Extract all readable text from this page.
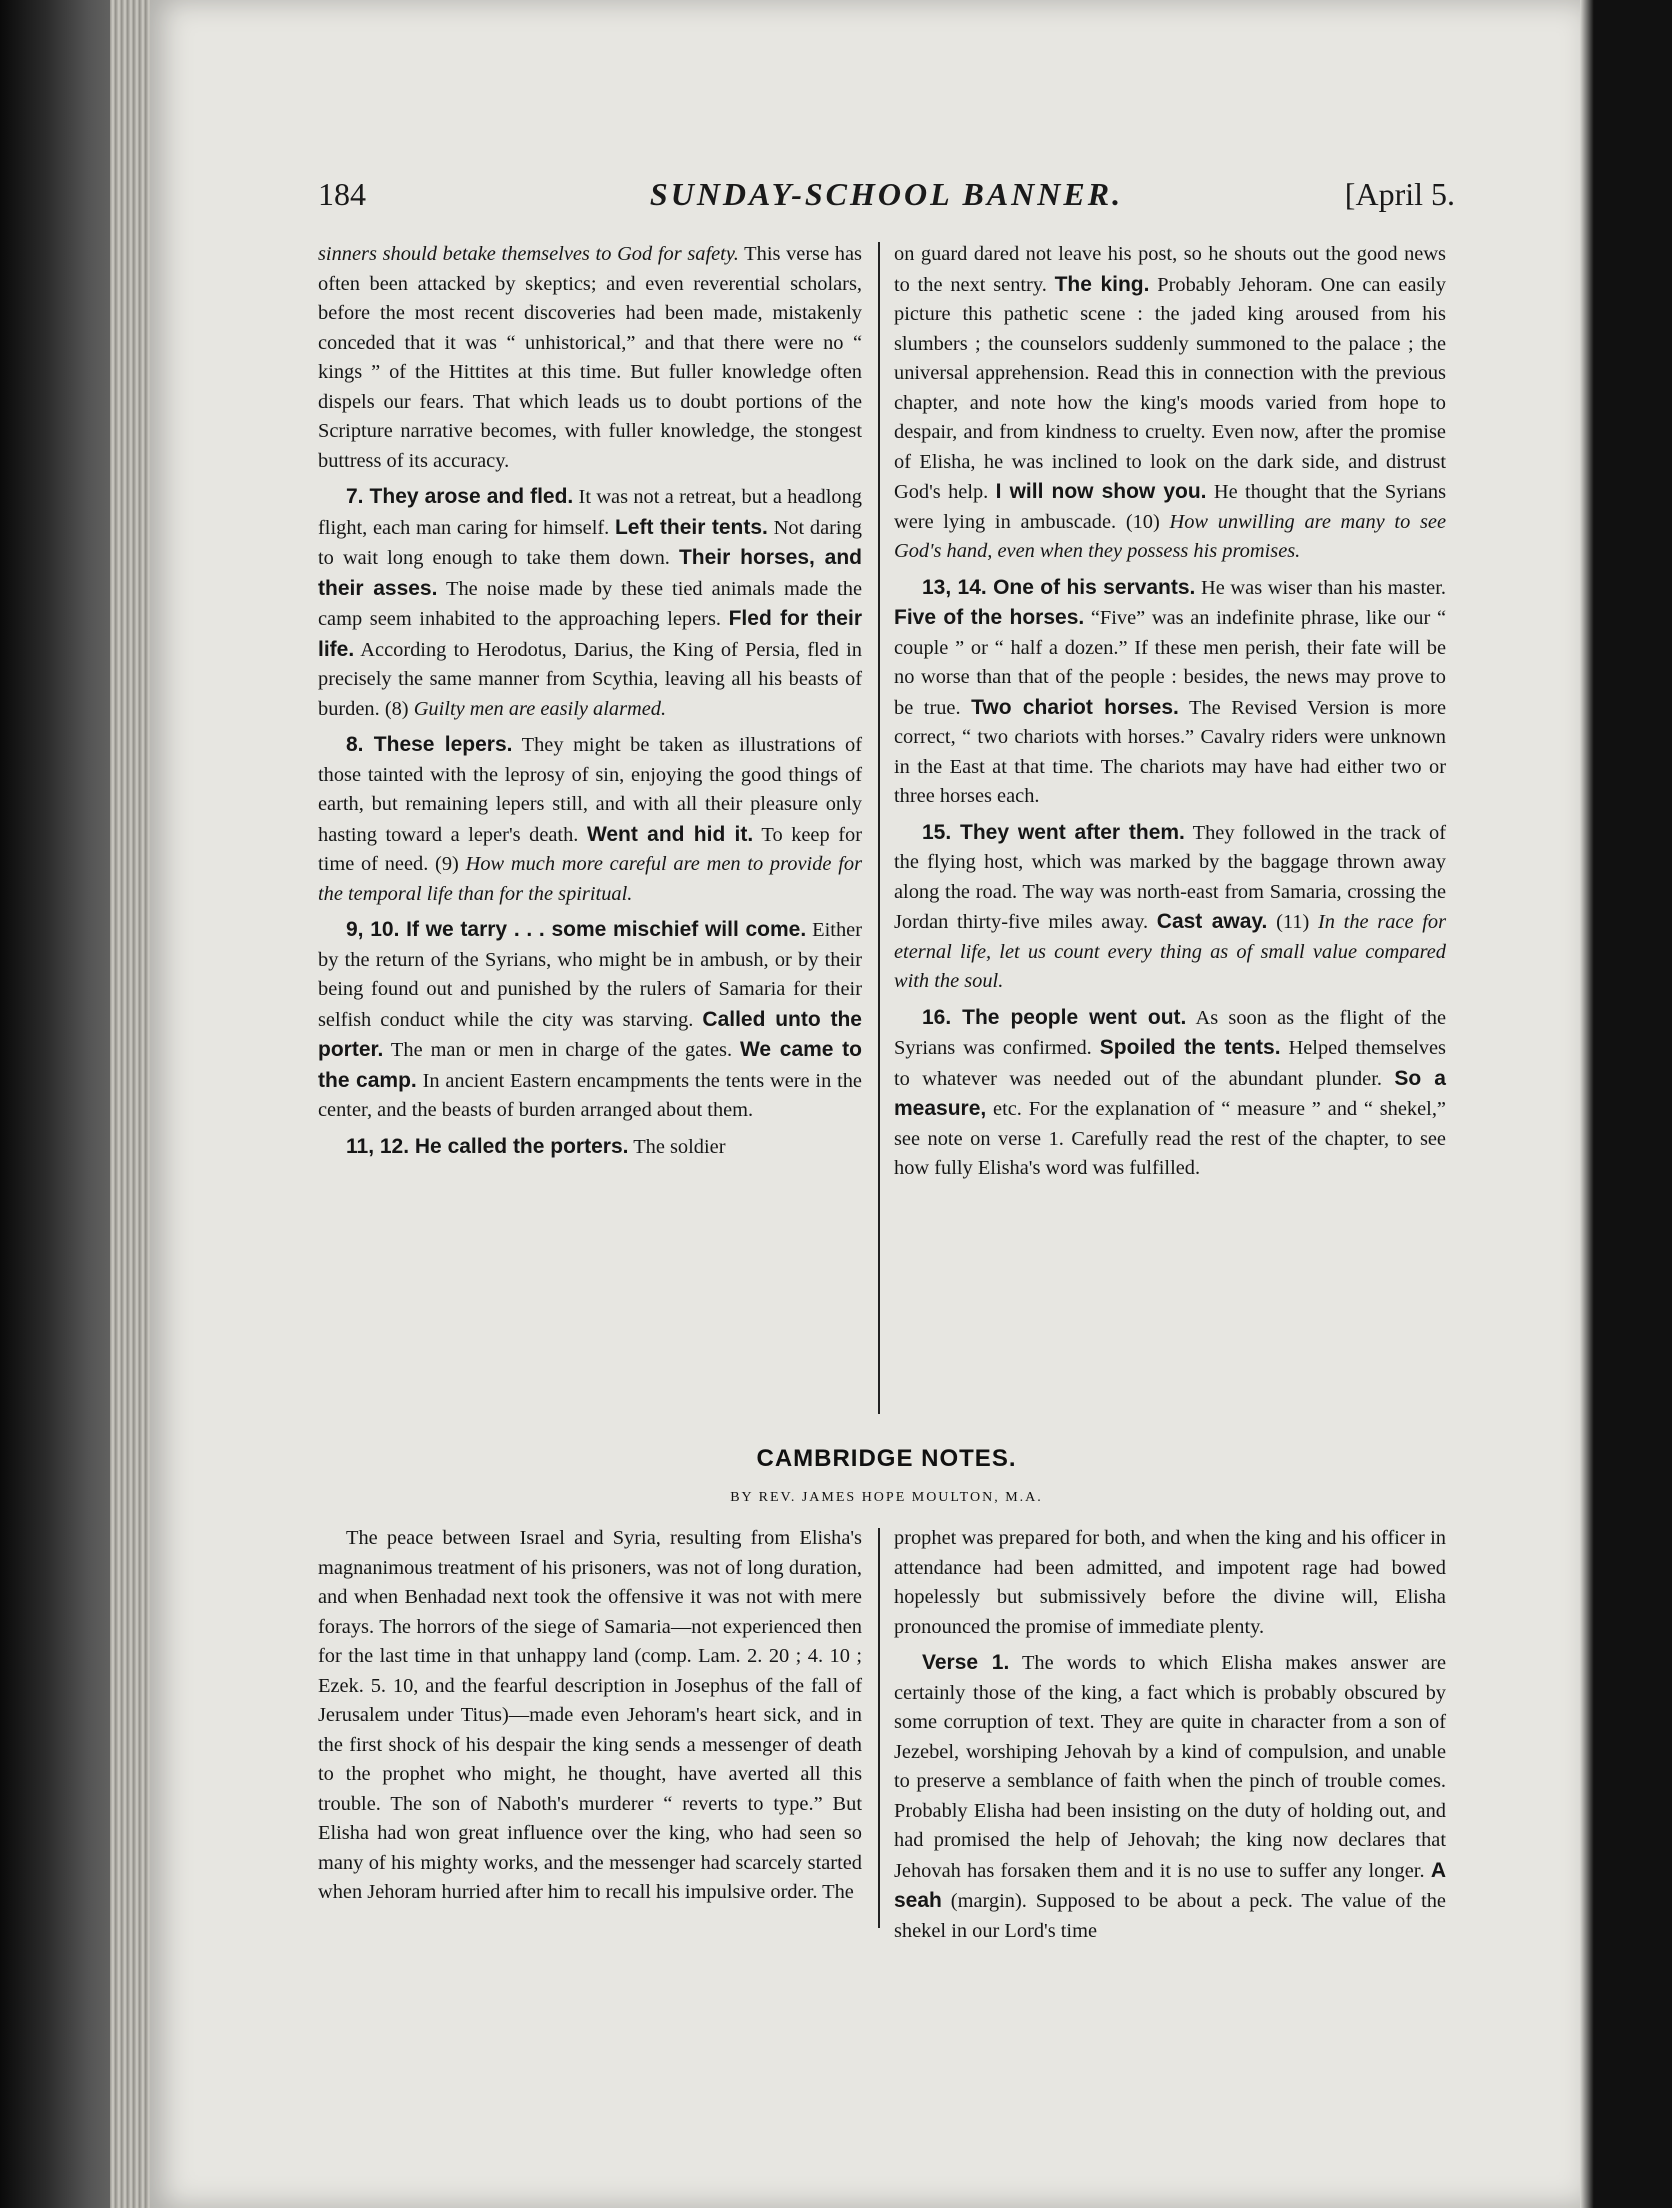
184	SUNDAY-SCHOOL BANNER.	[April 5.

sinners should betake themselves to God for safety. This verse has often been attacked by skeptics; and even reverential scholars, before the most recent discoveries had been made, mistakenly conceded that it was “ unhistorical,” and that there were no “ kings ” of the Hittites at this time. But fuller knowledge often dispels our fears. That which leads us to doubt portions of the Scripture narrative becomes, with fuller knowledge, the stongest buttress of its accuracy.

7. They arose and fled. It was not a retreat, but a headlong flight, each man caring for himself. Left their tents. Not daring to wait long enough to take them down. Their horses, and their asses. The noise made by these tied animals made the camp seem inhabited to the approaching lepers. Fled for their life. According to Herodotus, Darius, the King of Persia, fled in precisely the same manner from Scythia, leaving all his beasts of burden. (8) Guilty men are easily alarmed.

8. These lepers. They might be taken as illustrations of those tainted with the leprosy of sin, enjoying the good things of earth, but remaining lepers still, and with all their pleasure only hasting toward a leper's death. Went and hid it. To keep for time of need. (9) How much more careful are men to provide for the temporal life than for the spiritual.

9, 10. If we tarry . . . some mischief will come. Either by the return of the Syrians, who might be in ambush, or by their being found out and punished by the rulers of Samaria for their selfish conduct while the city was starving. Called unto the porter. The man or men in charge of the gates. We came to the camp. In ancient Eastern encampments the tents were in the center, and the beasts of burden arranged about them.

11, 12. He called the porters. The soldier

on guard dared not leave his post, so he shouts out the good news to the next sentry. The king. Probably Jehoram. One can easily picture this pathetic scene : the jaded king aroused from his slumbers ; the counselors suddenly summoned to the palace ; the universal apprehension. Read this in connection with the previous chapter, and note how the king's moods varied from hope to despair, and from kindness to cruelty. Even now, after the promise of Elisha, he was inclined to look on the dark side, and distrust God's help. I will now show you. He thought that the Syrians were lying in ambuscade. (10) How unwilling are many to see God's hand, even when they possess his promises.

13, 14. One of his servants. He was wiser than his master. Five of the horses. “Five” was an indefinite phrase, like our “ couple ” or “ half a dozen.” If these men perish, their fate will be no worse than that of the people : besides, the news may prove to be true. Two chariot horses. The Revised Version is more correct, “ two chariots with horses.” Cavalry riders were unknown in the East at that time. The chariots may have had either two or three horses each.

15. They went after them. They followed in the track of the flying host, which was marked by the baggage thrown away along the road. The way was north-east from Samaria, crossing the Jordan thirty-five miles away. Cast away. (11) In the race for eternal life, let us count every thing as of small value compared with the soul.

16. The people went out. As soon as the flight of the Syrians was confirmed. Spoiled the tents. Helped themselves to whatever was needed out of the abundant plunder. So a measure, etc. For the explanation of “ measure ” and “ shekel,” see note on verse 1. Carefully read the rest of the chapter, to see how fully Elisha's word was fulfilled.

CAMBRIDGE NOTES.
BY REV. JAMES HOPE MOULTON, M.A.

The peace between Israel and Syria, resulting from Elisha's magnanimous treatment of his prisoners, was not of long duration, and when Benhadad next took the offensive it was not with mere forays. The horrors of the siege of Samaria—not experienced then for the last time in that unhappy land (comp. Lam. 2. 20 ; 4. 10 ; Ezek. 5. 10, and the fearful description in Josephus of the fall of Jerusalem under Titus)—made even Jehoram's heart sick, and in the first shock of his despair the king sends a messenger of death to the prophet who might, he thought, have averted all this trouble. The son of Naboth's murderer “ reverts to type.” But Elisha had won great influence over the king, who had seen so many of his mighty works, and the messenger had scarcely started when Jehoram hurried after him to recall his impulsive order. The

prophet was prepared for both, and when the king and his officer in attendance had been admitted, and impotent rage had bowed hopelessly but submissively before the divine will, Elisha pronounced the promise of immediate plenty.

Verse 1. The words to which Elisha makes answer are certainly those of the king, a fact which is probably obscured by some corruption of text. They are quite in character from a son of Jezebel, worshiping Jehovah by a kind of compulsion, and unable to preserve a semblance of faith when the pinch of trouble comes. Probably Elisha had been insisting on the duty of holding out, and had promised the help of Jehovah; the king now declares that Jehovah has forsaken them and it is no use to suffer any longer. A seah (margin). Supposed to be about a peck. The value of the shekel in our Lord's time
